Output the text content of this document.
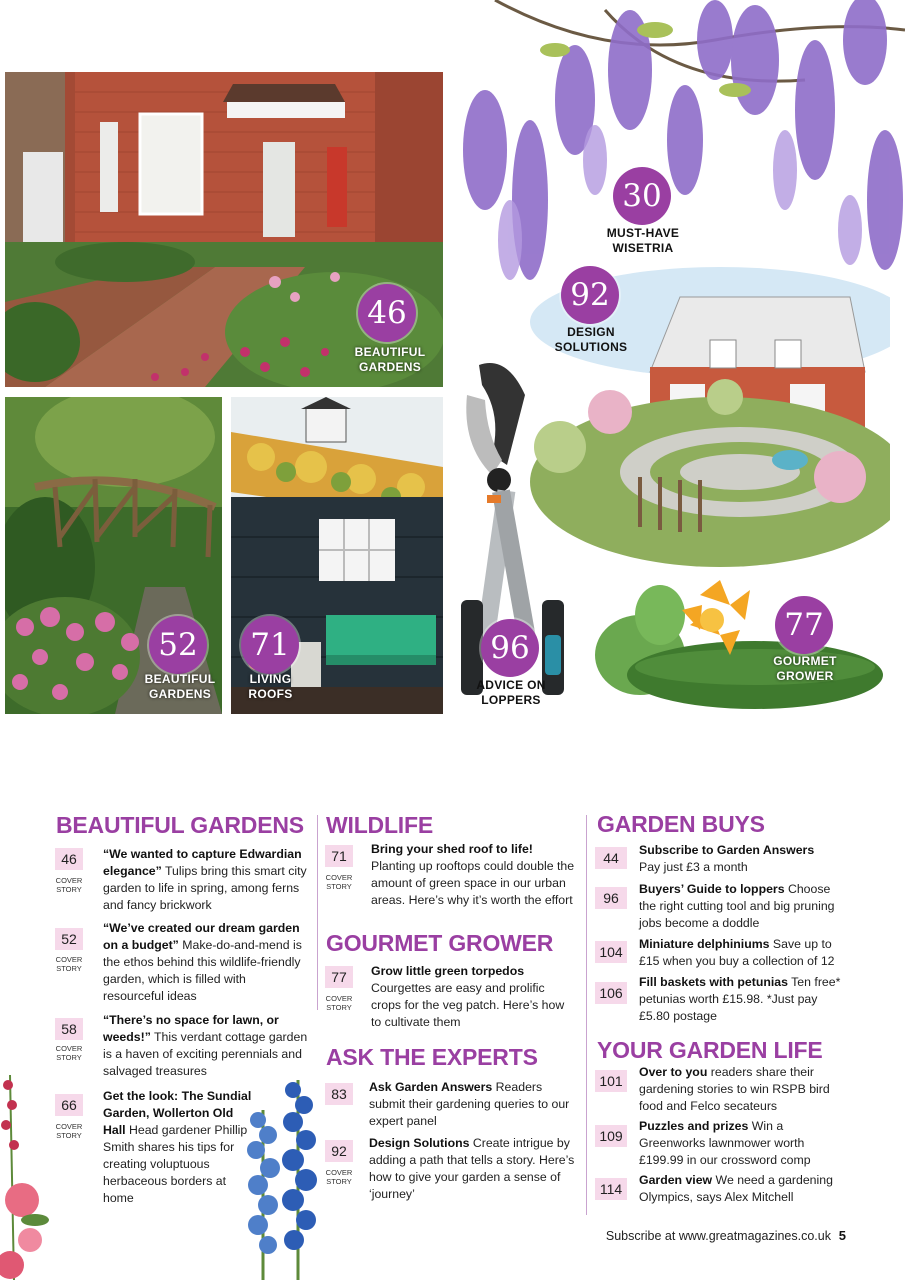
46
BEAUTIFUL
GARDENS
52
BEAUTIFUL
GARDENS
71
LIVING
ROOFS
96
ADVICE ON
LOPPERS
30
MUST-HAVE
WISETRIA
92
DESIGN
SOLUTIONS
77
GOURMET
GROWER
BEAUTIFUL GARDENS
46
COVER
STORY
“We wanted to capture Edwardian elegance” Tulips bring this smart city garden to life in spring, among ferns and fancy brickwork
52
COVER
STORY
“We’ve created our dream garden on a budget” Make-do-and-mend is the ethos behind this wildlife-friendly garden, which is filled with resourceful ideas
58
COVER
STORY
“There’s no space for lawn, or weeds!” This verdant cottage garden is a haven of exciting perennials and salvaged treasures
66
COVER
STORY
Get the look: The Sundial Garden, Wollerton Old Hall Head gardener Phillip Smith shares his tips for creating voluptuous herbaceous borders at home
WILDLIFE
71
COVER
STORY
Bring your shed roof to life! Planting up rooftops could double the amount of green space in our urban areas. Here’s why it’s worth the effort
GOURMET GROWER
77
COVER
STORY
Grow little green torpedos Courgettes are easy and prolific crops for the veg patch. Here’s how to cultivate them
ASK THE EXPERTS
83	Ask Garden Answers Readers submit their gardening queries to our expert panel
92
COVER
STORY
Design Solutions Create intrigue by adding a path that tells a story. Here’s how to give your garden a sense of ‘journey’
GARDEN BUYS
44	Subscribe to Garden Answers
Pay just £3 a month
96
Buyers’ Guide to loppers Choose the right cutting tool and big pruning jobs become a doddle
104	Miniature delphiniums Save up to £15 when you buy a collection of 12
106
Fill baskets with petunias Ten free* petunias worth £15.98. *Just pay £5.80 postage
YOUR GARDEN LIFE
101
Over to you readers share their gardening stories to win RSPB bird food and Felco secateurs
109
Puzzles and prizes Win a Greenworks lawnmower worth £199.99 in our crossword comp
114
Garden view We need a gardening Olympics, says Alex Mitchell
Subscribe at www.greatmagazines.co.uk 5
